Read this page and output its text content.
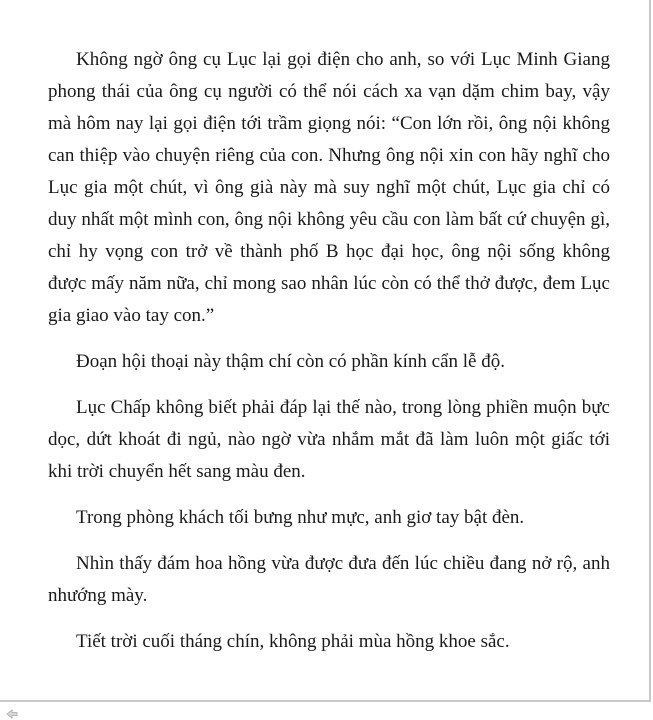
Không ngờ ông cụ Lục lại gọi điện cho anh, so với Lục Minh Giang phong thái của ông cụ người có thể nói cách xa vạn dặm chim bay, vậy mà hôm nay lại gọi điện tới trầm giọng nói: “Con lớn rồi, ông nội không can thiệp vào chuyện riêng của con. Nhưng ông nội xin con hãy nghĩ cho Lục gia một chút, vì ông già này mà suy nghĩ một chút, Lục gia chỉ có duy nhất một mình con, ông nội không yêu cầu con làm bất cứ chuyện gì, chỉ hy vọng con trở về thành phố B học đại học, ông nội sống không được mấy năm nữa, chỉ mong sao nhân lúc còn có thể thở được, đem Lục gia giao vào tay con.”

Đoạn hội thoại này thậm chí còn có phần kính cẩn lễ độ.

Lục Chấp không biết phải đáp lại thế nào, trong lòng phiền muộn bực dọc, dứt khoát đi ngủ, nào ngờ vừa nhắm mắt đã làm luôn một giấc tới khi trời chuyển hết sang màu đen.

Trong phòng khách tối bưng như mực, anh giơ tay bật đèn.

Nhìn thấy đám hoa hồng vừa được đưa đến lúc chiều đang nở rộ, anh nhướng mày.

Tiết trời cuối tháng chín, không phải mùa hồng khoe sắc.
